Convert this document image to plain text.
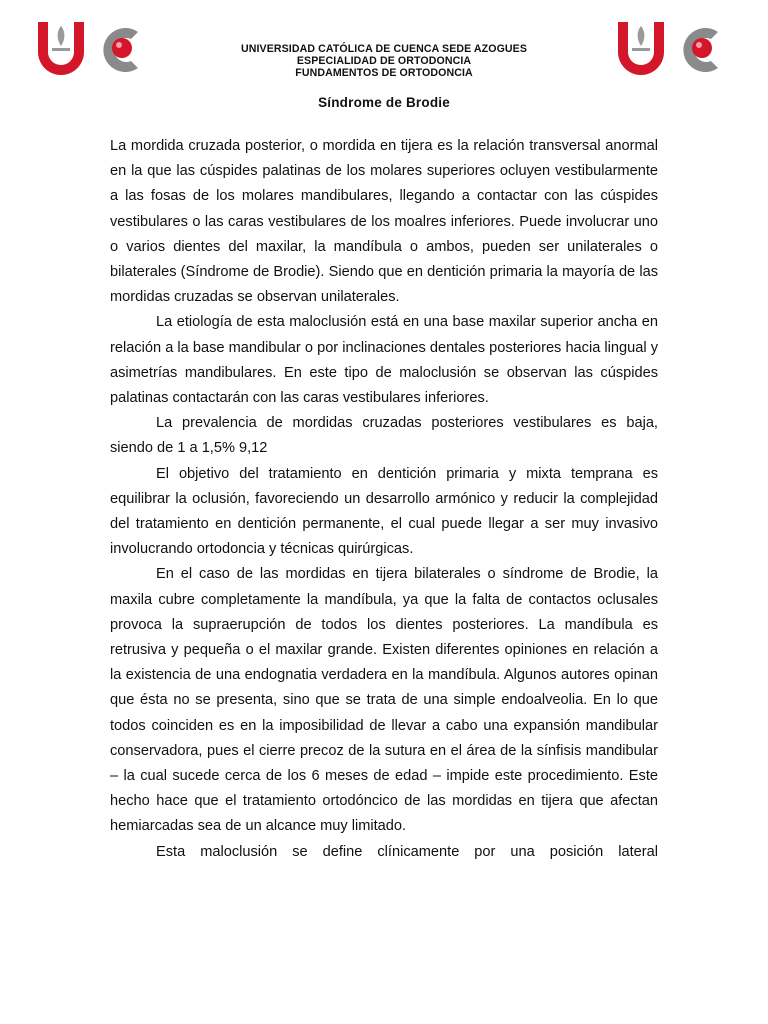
UNIVERSIDAD CATÓLICA DE CUENCA SEDE AZOGUES
ESPECIALIDAD DE ORTODONCIA
FUNDAMENTOS DE ORTODONCIA
Síndrome de Brodie

La mordida cruzada posterior, o mordida en tijera es la relación transversal anormal en la que las cúspides palatinas de los molares superiores ocluyen vestibularmente a las fosas de los molares mandibulares, llegando a contactar con las cúspides vestibulares o las caras vestibulares de los moalres inferiores. Puede involucrar uno o varios dientes del maxilar, la mandíbula o ambos, pueden ser unilaterales o bilaterales (Síndrome de Brodie). Siendo que en dentición primaria la mayoría de las mordidas cruzadas se observan unilaterales.

La etiología de esta maloclusión está en una base maxilar superior ancha en relación a la base mandibular o por inclinaciones dentales posteriores hacia lingual y asimetrías mandibulares. En este tipo de maloclusión se observan las cúspides palatinas contactarán con las caras vestibulares inferiores.

La prevalencia de mordidas cruzadas posteriores vestibulares es baja, siendo de 1 a 1,5% 9,12

El objetivo del tratamiento en dentición primaria y mixta temprana es equilibrar la oclusión, favoreciendo un desarrollo armónico y reducir la complejidad del tratamiento en dentición permanente, el cual puede llegar a ser muy invasivo involucrando ortodoncia y técnicas quirúrgicas.

En el caso de las mordidas en tijera bilaterales o síndrome de Brodie, la maxila cubre completamente la mandíbula, ya que la falta de contactos oclusales provoca la supraerupción de todos los dientes posteriores. La mandíbula es retrusiva y pequeña o el maxilar grande. Existen diferentes opiniones en relación a la existencia de una endognatia verdadera en la mandíbula. Algunos autores opinan que ésta no se presenta, sino que se trata de una simple endoalveolia. En lo que todos coinciden es en la imposibilidad de llevar a cabo una expansión mandibular conservadora, pues el cierre precoz de la sutura en el área de la sínfisis mandibular – la cual sucede cerca de los 6 meses de edad – impide este procedimiento. Este hecho hace que el tratamiento ortodóncico de las mordidas en tijera que afectan hemiarcadas sea de un alcance muy limitado.

Esta maloclusión se define clínicamente por una posición lateral
